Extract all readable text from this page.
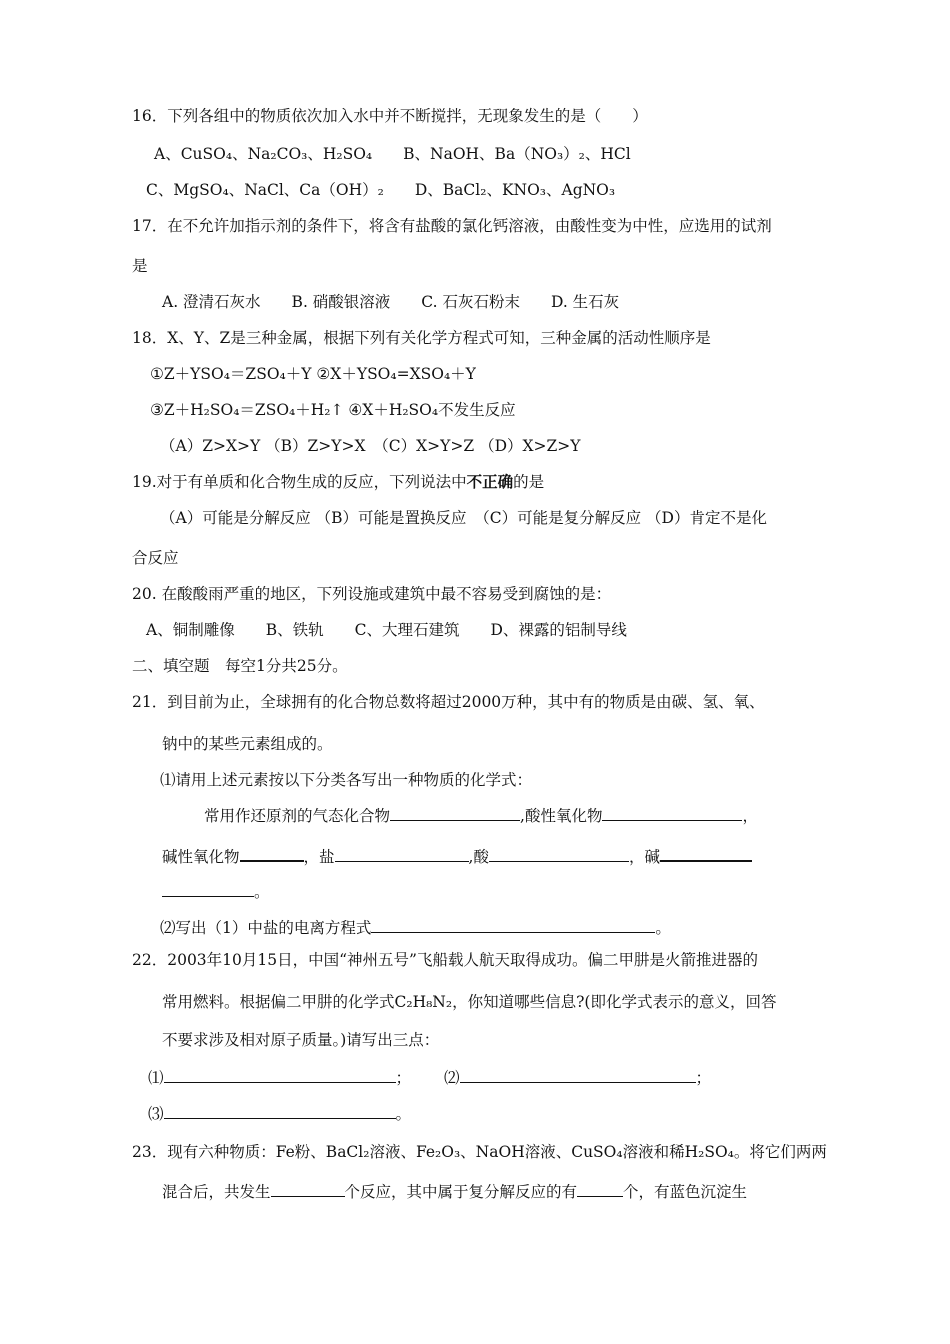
16．下列各组中的物质依次加入水中并不断搅拌，无现象发生的是（　　）
A、CuSO₄、Na₂CO₃、H₂SO₄　　B、NaOH、Ba（NO₃）₂、HCl
C、MgSO₄、NaCl、Ca（OH）₂　　D、BaCl₂、KNO₃、AgNO₃
17．在不允许加指示剂的条件下，将含有盐酸的氯化钙溶液，由酸性变为中性，应选用的试剂
是
A. 澄清石灰水　　B. 硝酸银溶液　　C. 石灰石粉末　　D. 生石灰
18．X、Y、Z是三种金属，根据下列有关化学方程式可知，三种金属的活动性顺序是
①Z＋YSO₄＝ZSO₄＋Y ②X＋YSO₄=XSO₄＋Y
③Z＋H₂SO₄＝ZSO₄＋H₂↑ ④X＋H₂SO₄不发生反应
（A）Z>X>Y （B）Z>Y>X　（C）X>Y>Z （D）X>Z>Y
19.对于有单质和化合物生成的反应，下列说法中不正确的是
（A）可能是分解反应 （B）可能是置换反应　（C）可能是复分解反应 （D）肯定不是化
合反应
20. 在酸酸雨严重的地区，下列设施或建筑中最不容易受到腐蚀的是：
A、铜制雕像　　B、铁轨　　C、大理石建筑　　D、裸露的铝制导线
二、填空题　每空1分共25分。
21．到目前为止，全球拥有的化合物总数将超过2000万种，其中有的物质是由碳、氢、氧、
钠中的某些元素组成的。
⑴请用上述元素按以下分类各写出一种物质的化学式：
常用作还原剂的气态化合物	,酸性氧化物	，
碱性氧化物	，盐	,酸	，碱
。
⑵写出（1）中盐的电离方程式	。
22．2003年10月15日，中国“神州五号”飞船载人航天取得成功。偏二甲肼是火箭推进器的
常用燃料。根据偏二甲肼的化学式C₂H₈N₂，你知道哪些信息?(即化学式表示的意义，回答
不要求涉及相对原子质量。)请写出三点：
⑴	； ⑵	；
⑶	。
23．现有六种物质：Fe粉、BaCl₂溶液、Fe₂O₃、NaOH溶液、CuSO₄溶液和稀H₂SO₄。将它们两两
混合后，共发生	个反应，其中属于复分解反应的有	个，有蓝色沉淀生
